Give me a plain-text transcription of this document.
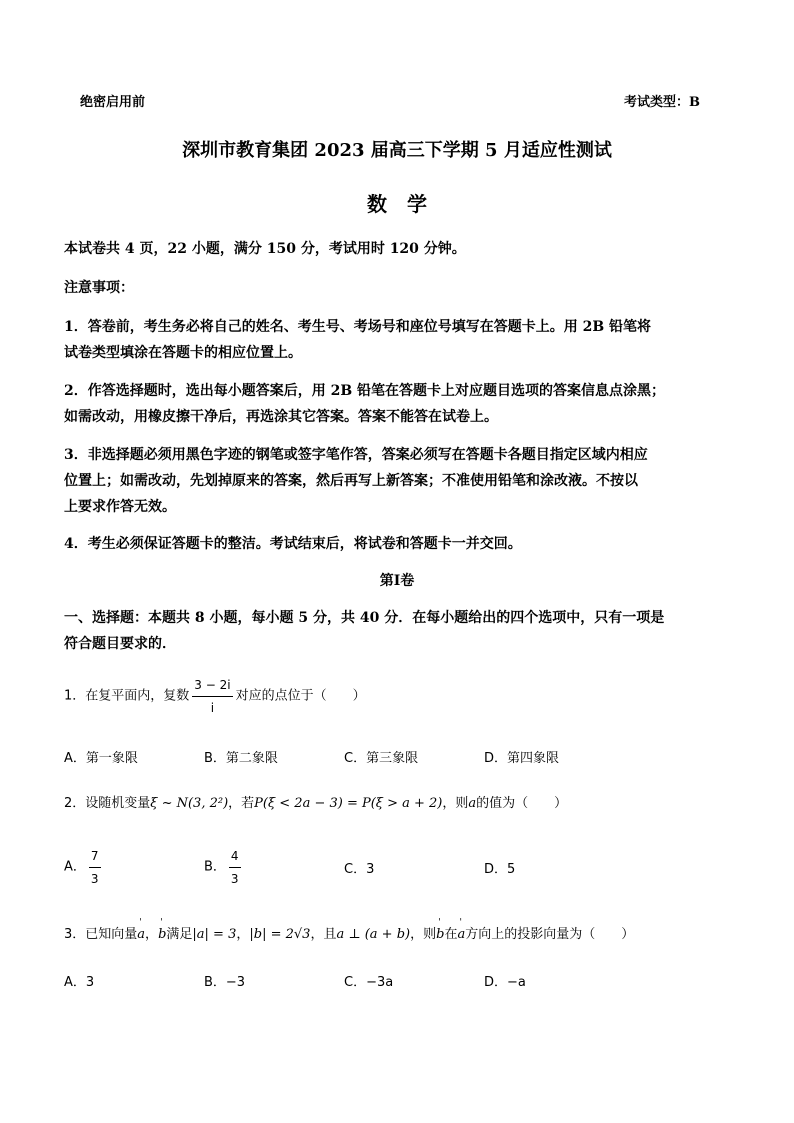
绝密启用前	考试类型：B
深圳市教育集团 2023 届高三下学期 5 月适应性测试
数　学
本试卷共 4 页，22 小题，满分 150 分，考试用时 120 分钟。
注意事项：
1．答卷前，考生务必将自己的姓名、考生号、考场号和座位号填写在答题卡上。用 2B 铅笔将
试卷类型填涂在答题卡的相应位置上。
2．作答选择题时，选出每小题答案后，用 2B 铅笔在答题卡上对应题目选项的答案信息点涂黑；
如需改动，用橡皮擦干净后，再选涂其它答案。答案不能答在试卷上。
3．非选择题必须用黑色字迹的钢笔或签字笔作答，答案必须写在答题卡各题目指定区域内相应
位置上；如需改动，先划掉原来的答案，然后再写上新答案；不准使用铅笔和涂改液。不按以
上要求作答无效。
4．考生必须保证答题卡的整洁。考试结束后，将试卷和答题卡一并交回。
第Ⅰ卷
一、选择题：本题共 8 小题，每小题 5 分，共 40 分．在每小题给出的四个选项中，只有一项是
符合题目要求的．
1．在复平面内，复数 $\frac{3 - 2i}{i}$ 对应的点位于（　　）
A．第一象限	B．第二象限	C．第三象限	D．第四象限
2．设随机变量ξ ~ N(3, 2²)，若P(ξ < 2a − 3) = P(ξ > a + 2)，则a的值为（　　）
A． $\frac{7}{3}$	B． $\frac{4}{3}$	C．3	D．5
3．已知向量' a，' b满足|a| = 3，|b| = 2√3，且a ⊥ (a + b)，则' b在' a方向上的投影向量为（　　）
A．3	B．−3	C．−3a	D．−a
